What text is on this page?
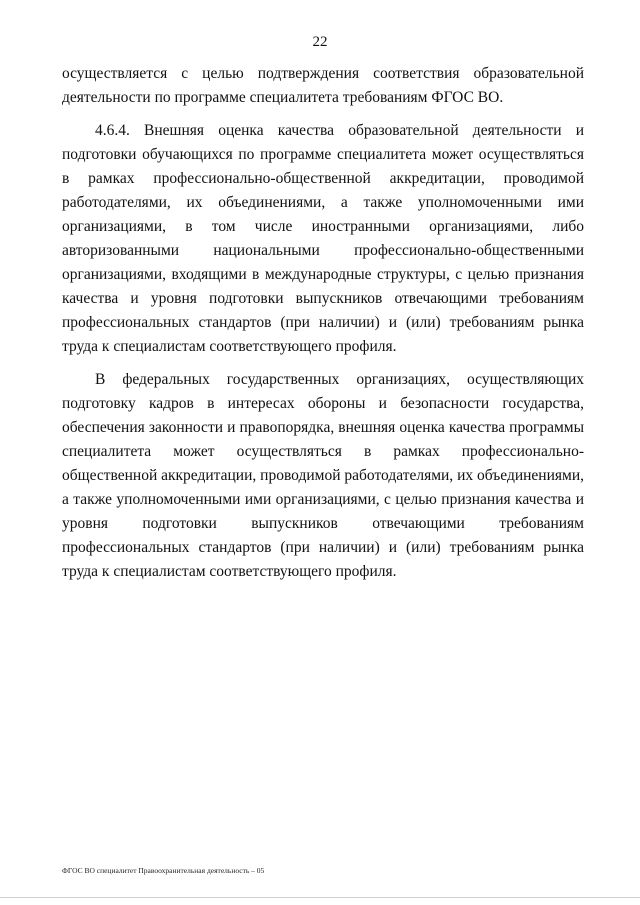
22

осуществляется с целью подтверждения соответствия образовательной деятельности по программе специалитета требованиям ФГОС ВО.

4.6.4. Внешняя оценка качества образовательной деятельности и подготовки обучающихся по программе специалитета может осуществляться в рамках профессионально-общественной аккредитации, проводимой работодателями, их объединениями, а также уполномоченными ими организациями, в том числе иностранными организациями, либо авторизованными национальными профессионально-общественными организациями, входящими в международные структуры, с целью признания качества и уровня подготовки выпускников отвечающими требованиям профессиональных стандартов (при наличии) и (или) требованиям рынка труда к специалистам соответствующего профиля.

В федеральных государственных организациях, осуществляющих подготовку кадров в интересах обороны и безопасности государства, обеспечения законности и правопорядка, внешняя оценка качества программы специалитета может осуществляться в рамках профессионально-общественной аккредитации, проводимой работодателями, их объединениями, а также уполномоченными ими организациями, с целью признания качества и уровня подготовки выпускников отвечающими требованиям профессиональных стандартов (при наличии) и (или) требованиям рынка труда к специалистам соответствующего профиля.

ФГОС ВО специалитет Правоохранительная деятельность – 05
